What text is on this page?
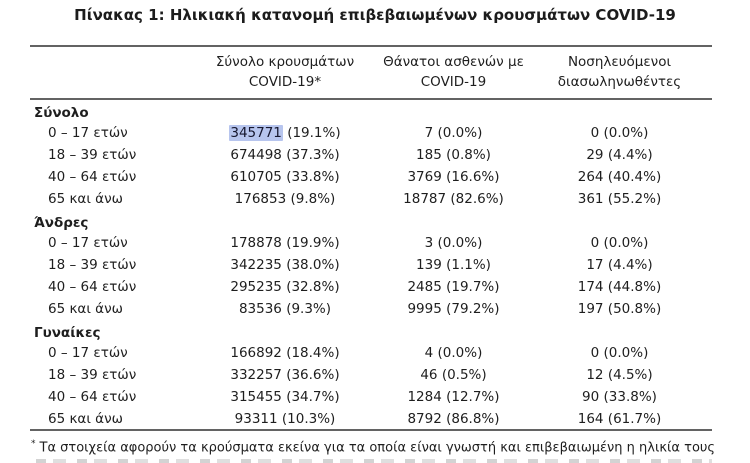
Πίνακας 1: Ηλικιακή κατανομή επιβεβαιωμένων κρουσμάτων COVID-19

Σύνολο κρουσμάτων
COVID-19*

Θάνατοι ασθενών με
COVID-19

Νοσηλευόμενοι
διασωληνωθέντες

Σύνολο			
0 – 17 ετών	345771 (19.1%)	7 (0.0%)	0 (0.0%)
18 – 39 ετών	674498 (37.3%)	185 (0.8%)	29 (4.4%)
40 – 64 ετών	610705 (33.8%)	3769 (16.6%)	264 (40.4%)
65 και άνω	176853 (9.8%)	18787 (82.6%)	361 (55.2%)
Άνδρες			
0 – 17 ετών	178878 (19.9%)	3 (0.0%)	0 (0.0%)
18 – 39 ετών	342235 (38.0%)	139 (1.1%)	17 (4.4%)
40 – 64 ετών	295235 (32.8%)	2485 (19.7%)	174 (44.8%)
65 και άνω	83536 (9.3%)	9995 (79.2%)	197 (50.8%)
Γυναίκες			
0 – 17 ετών	166892 (18.4%)	4 (0.0%)	0 (0.0%)
18 – 39 ετών	332257 (36.6%)	46 (0.5%)	12 (4.5%)
40 – 64 ετών	315455 (34.7%)	1284 (12.7%)	90 (33.8%)
65 και άνω	93311 (10.3%)	8792 (86.8%)	164 (61.7%)
* Τα στοιχεία αφορούν τα κρούσματα εκείνα για τα οποία είναι γνωστή και επιβεβαιωμένη η ηλικία τους
